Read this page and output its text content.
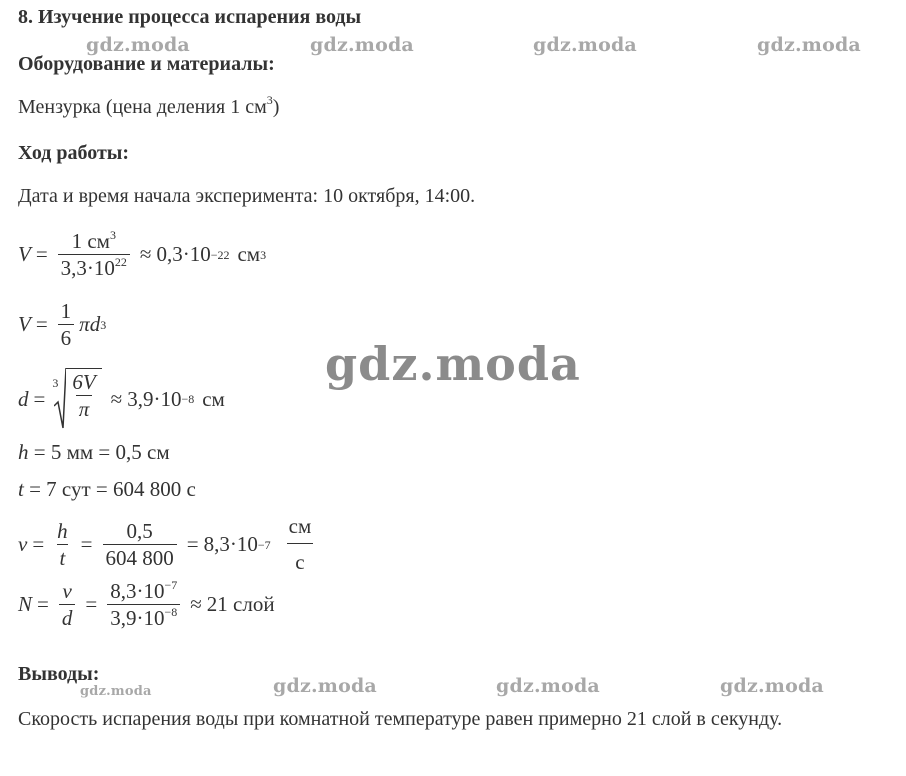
8. Изучение процесса испарения воды
Оборудование и материалы:
Мензурка (цена деления 1 $см^3$)
Ход работы:
Дата и время начала эксперимента: 10 октября, 14:00.
$V = \frac{1 см^3}{3,3\cdot 10^{22}} \approx 0,3\cdot 10 -22$ см 3
$V = \frac{1}{6}$ πd 3
d =
$3 \frac{6V}{\pi} \approx 3,9\cdot 10 -8$ см
h = 5 мм = 0,5 см
t = 7 сут = 604 800 с
$v = \frac{h}{t} = \frac{0,5}{604 800} = 8,3\cdot 10 -7 \frac{см}{с}$
$N = \frac{v}{d} = \frac{8,3\cdot 10^{-7}}{3,9\cdot 10^{-8}} \approx 21$ слой
Выводы:
Скорость испарения воды при комнатной температуре равен примерно 21 слой в секунду.
gdz.moda	gdz.moda	gdz.moda	gdz.moda
gdz.moda
gdz.moda	gdz.moda	gdz.moda	gdz.moda
